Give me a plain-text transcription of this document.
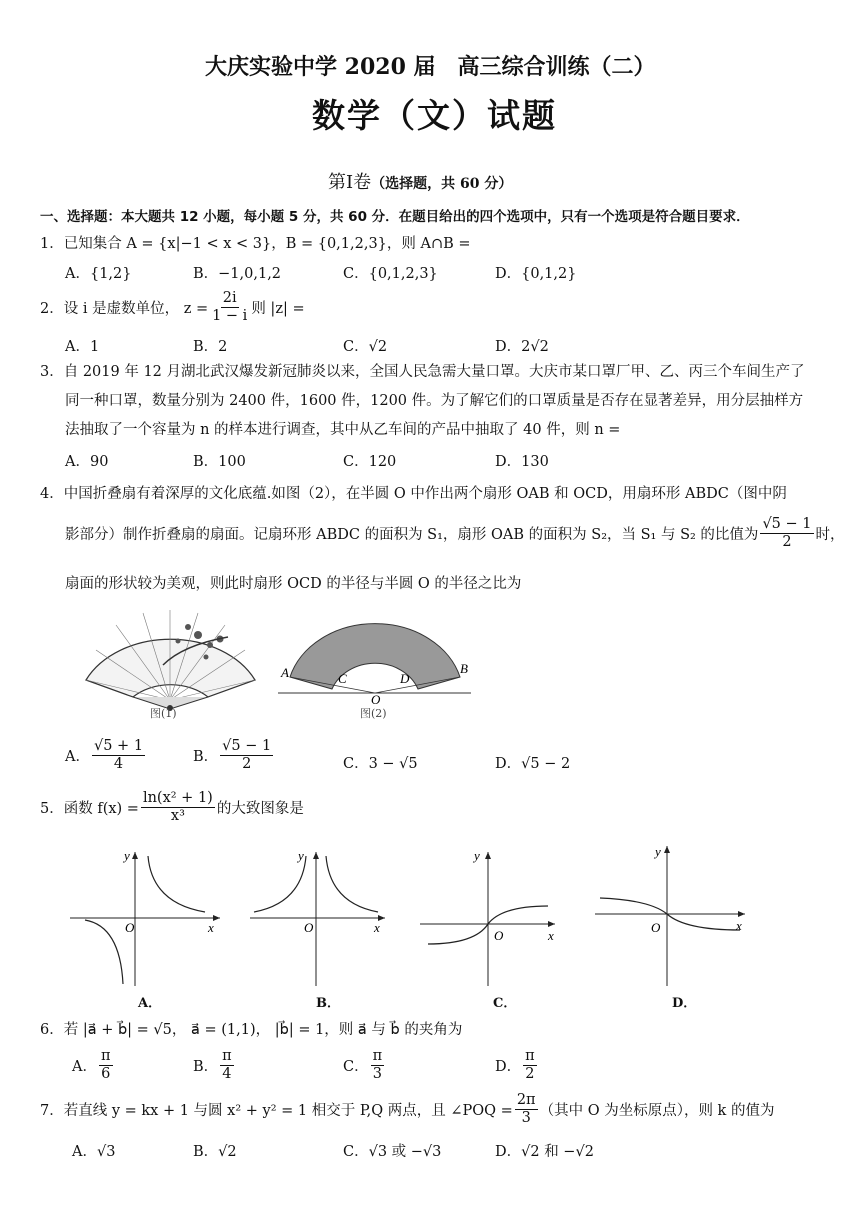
大庆实验中学 2020 届　高三综合训练（二）
数学（文）试题
第Ⅰ卷（选择题，共 60 分）
一、选择题：本大题共 12 小题，每小题 5 分，共 60 分．在题目给出的四个选项中，只有一个选项是符合题目要求．
1．已知集合 A = {x|−1 < x < 3}，B = {0,1,2,3}，则 A∩B =
A．{1,2}	B．−1,0,1,2	C．{0,1,2,3}	D．{0,1,2}
2．设 i 是虚数单位， $z = \frac{2i}{1 - i}$ 则 |z| =
A．1	B．2	C．√2	D．2√2
3．自 2019 年 12 月湖北武汉爆发新冠肺炎以来，全国人民急需大量口罩。大庆市某口罩厂甲、乙、丙三个车间生产了
同一种口罩，数量分别为 2400 件，1600 件，1200 件。为了解它们的口罩质量是否存在显著差异，用分层抽样方
法抽取了一个容量为 n 的样本进行调查，其中从乙车间的产品中抽取了 40 件，则 n =
A．90	B．100	C．120	D．130
4．中国折叠扇有着深厚的文化底蕴.如图（2），在半圆 O 中作出两个扇形 OAB 和 OCD，用扇环形 ABDC（图中阴
影部分）制作折叠扇的扇面。记扇环形 ABDC 的面积为 S₁，扇形 OAB 的面积为 S₂，当 S₁ 与 S₂ 的比值为 $\frac{√5 - 1}{2}$ 时，
扇面的形状较为美观，则此时扇形 OCD 的半径与半圆 O 的半径之比为
图(1)
A	B
C	D
O
图(2)
A． $\frac{√5 + 1}{4}$	B． $\frac{√5 - 1}{2}$	C．3 − √5	D．√5 − 2
5．函数 $f(x) = \frac{\text{ln(x² + 1)}}{\text{x³}}$ 的大致图象是
y
x
O
A．
y
x
O
B．
y
x
O
C．
y
x
O
D．
6．若 |a⃗ + b⃗| = √5， a⃗ = (1,1)， |b⃗| = 1，则 a⃗ 与 b⃗ 的夹角为
A． $\frac{\pi}{6}$	B． $\frac{\pi}{4}$	C． $\frac{\pi}{3}$	D． $\frac{\pi}{2}$
7．若直线 y = kx + 1 与圆 x² + y² = 1 相交于 P,Q 两点，且 ∠POQ = $\frac{2\pi}{3}$ （其中 O 为坐标原点），则 k 的值为
A．√3	B．√2	C．√3 或 −√3	D．√2 和 −√2
